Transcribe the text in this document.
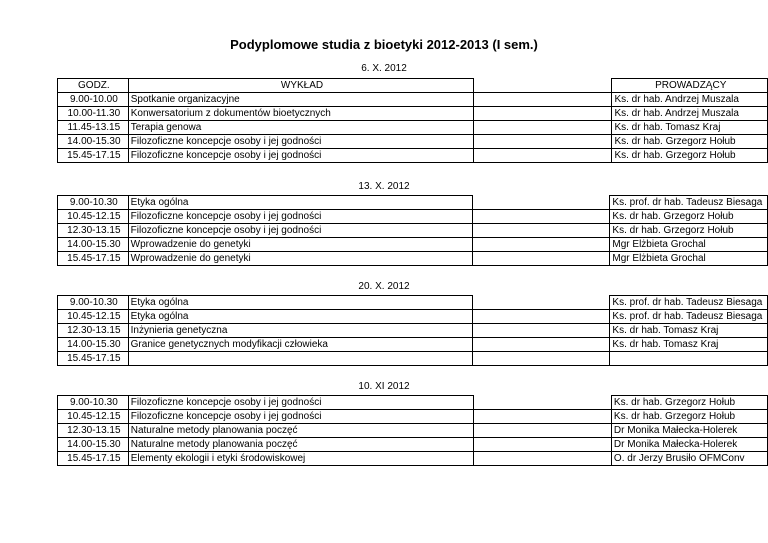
Podyplomowe studia z bioetyki 2012-2013 (I sem.)
6. X. 2012
GODZ.	WYKŁAD		PROWADZĄCY
9.00-10.00	Spotkanie organizacyjne		Ks. dr hab. Andrzej Muszala
10.00-11.30	Konwersatorium z dokumentów bioetycznych		Ks. dr hab. Andrzej Muszala
11.45-13.15	Terapia genowa		Ks. dr hab. Tomasz Kraj
14.00-15.30	Filozoficzne koncepcje osoby i jej godności		Ks. dr hab. Grzegorz Hołub
15.45-17.15	Filozoficzne koncepcje osoby i jej godności		Ks. dr hab. Grzegorz Hołub
13. X. 2012
9.00-10.30	Etyka ogólna		Ks. prof. dr hab. Tadeusz Biesaga
10.45-12.15	Filozoficzne koncepcje osoby i jej godności		Ks. dr hab. Grzegorz Hołub
12.30-13.15	Filozoficzne koncepcje osoby i jej godności		Ks. dr hab. Grzegorz Hołub
14.00-15.30	Wprowadzenie do genetyki		Mgr Elżbieta Grochal
15.45-17.15	Wprowadzenie do genetyki		Mgr Elżbieta Grochal
20. X. 2012
9.00-10.30	Etyka ogólna		Ks. prof. dr hab. Tadeusz Biesaga
10.45-12.15	Etyka ogólna		Ks. prof. dr hab. Tadeusz Biesaga
12.30-13.15	Inżynieria genetyczna		Ks. dr hab. Tomasz Kraj
14.00-15.30	Granice genetycznych modyfikacji człowieka		Ks. dr hab. Tomasz Kraj
15.45-17.15			
10. XI 2012
9.00-10.30	Filozoficzne koncepcje osoby i jej godności		Ks. dr hab. Grzegorz Hołub
10.45-12.15	Filozoficzne koncepcje osoby i jej godności		Ks. dr hab. Grzegorz Hołub
12.30-13.15	Naturalne metody planowania poczęć		Dr Monika Małecka-Holerek
14.00-15.30	Naturalne metody planowania poczęć		Dr Monika Małecka-Holerek
15.45-17.15	Elementy ekologii i etyki środowiskowej		O. dr Jerzy Brusiło OFMConv
